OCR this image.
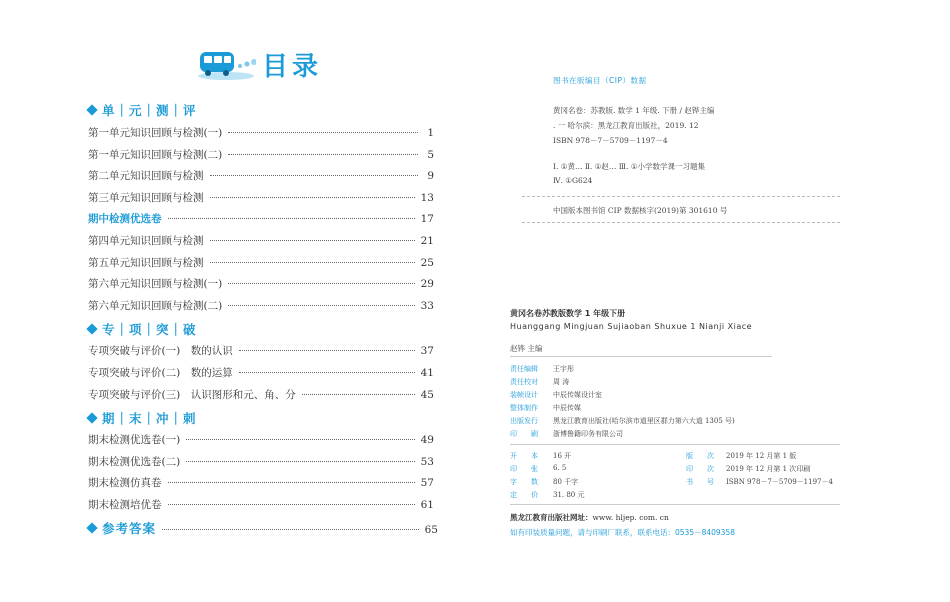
目录
单｜元｜测｜评
第一单元知识回顾与检测(一)	1
第一单元知识回顾与检测(二)	5
第二单元知识回顾与检测	9
第三单元知识回顾与检测	13
期中检测优选卷	17
第四单元知识回顾与检测	21
第五单元知识回顾与检测	25
第六单元知识回顾与检测(一)	29
第六单元知识回顾与检测(二)	33
专｜项｜突｜破
专项突破与评价(一)　数的认识	37
专项突破与评价(二)　数的运算	41
专项突破与评价(三)　认识图形和元、角、分	45
期｜末｜冲｜刺
期末检测优选卷(一)	49
期末检测优选卷(二)	53
期末检测仿真卷	57
期末检测培优卷	61
参考答案	65
图书在版编目（CIP）数据
黄冈名卷：苏教版. 数学 1 年级. 下册 / 赵铧主编
. 一 哈尔滨：黑龙江教育出版社，2019. 12
ISBN 978－7－5709－1197－4
Ⅰ. ①黄… Ⅱ. ①赵… Ⅲ. ①小学数学课一习题集
Ⅳ. ①G624
中国版本图书馆 CIP 数据核字(2019)第 301610 号
黄冈名卷苏教版数学 1 年级下册
Huanggang Mingjuan Sujiaoban Shuxue 1 Nianji Xiace
赵铧 主编
责任编辑 王宇彤
责任校对 周 涛
装帧设计 中辰传媒设计室
整体制作 中辰传媒
出版发行 黑龙江教育出版社(哈尔滨市道里区群力第六大道 1305 号)
印　　刷 浙博鲁籍印务有限公司
开　　本 16 开
印　　张 6. 5
字　　数 80 千字
定　　价 31. 80 元
版　　次 2019 年 12 月第 1 版
印　　次 2019 年 12 月第 1 次印刷
书　　号 ISBN 978－7－5709－1197－4
黑龙江教育出版社网址：www. hljep. com. cn
如有印装质量问题，请与印刷厂联系，联系电话：0535－8409358
